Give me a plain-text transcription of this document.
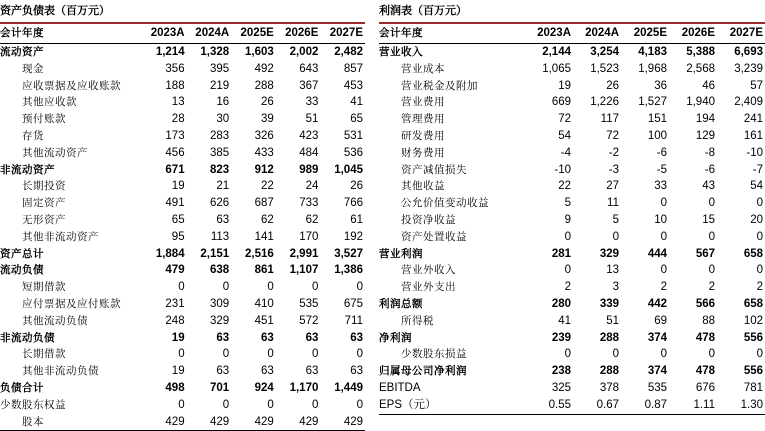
资产负债表（百万元）					
会计年度	2023A	2024A	2025E	2026E	2027E
流动资产	1,214	1,328	1,603	2,002	2,482
现金	356	395	492	643	857
应收票据及应收账款	188	219	288	367	453
其他应收款	13	16	26	33	41
预付账款	28	30	39	51	65
存货	173	283	326	423	531
其他流动资产	456	385	433	484	536
非流动资产	671	823	912	989	1,045
长期投资	19	21	22	24	26
固定资产	491	626	687	733	766
无形资产	65	63	62	62	61
其他非流动资产	95	113	141	170	192
资产总计	1,884	2,151	2,516	2,991	3,527
流动负债	479	638	861	1,107	1,386
短期借款	0	0	0	0	0
应付票据及应付账款	231	309	410	535	675
其他流动负债	248	329	451	572	711
非流动负债	19	63	63	63	63
长期借款	0	0	0	0	0
其他非流动负债	19	63	63	63	63
负债合计	498	701	924	1,170	1,449
少数股东权益	0	0	0	0	0
股本	429	429	429	429	429
利润表（百万元）					
会计年度	2023A	2024A	2025E	2026E	2027E
营业收入	2,144	3,254	4,183	5,388	6,693
营业成本	1,065	1,523	1,968	2,568	3,239
营业税金及附加	19	26	36	46	57
营业费用	669	1,226	1,527	1,940	2,409
管理费用	72	117	151	194	241
研发费用	54	72	100	129	161
财务费用	-4	-2	-6	-8	-10
资产减值损失	-10	-3	-5	-6	-7
其他收益	22	27	33	43	54
公允价值变动收益	5	11	0	0	0
投资净收益	9	5	10	15	20
资产处置收益	0	0	0	0	0
营业利润	281	329	444	567	658
营业外收入	0	13	0	0	0
营业外支出	2	3	2	2	2
利润总额	280	339	442	566	658
所得税	41	51	69	88	102
净利润	239	288	374	478	556
少数股东损益	0	0	0	0	0
归属母公司净利润	238	288	374	478	556
EBITDA	325	378	535	676	781
EPS（元）	0.55	0.67	0.87	1.11	1.30
